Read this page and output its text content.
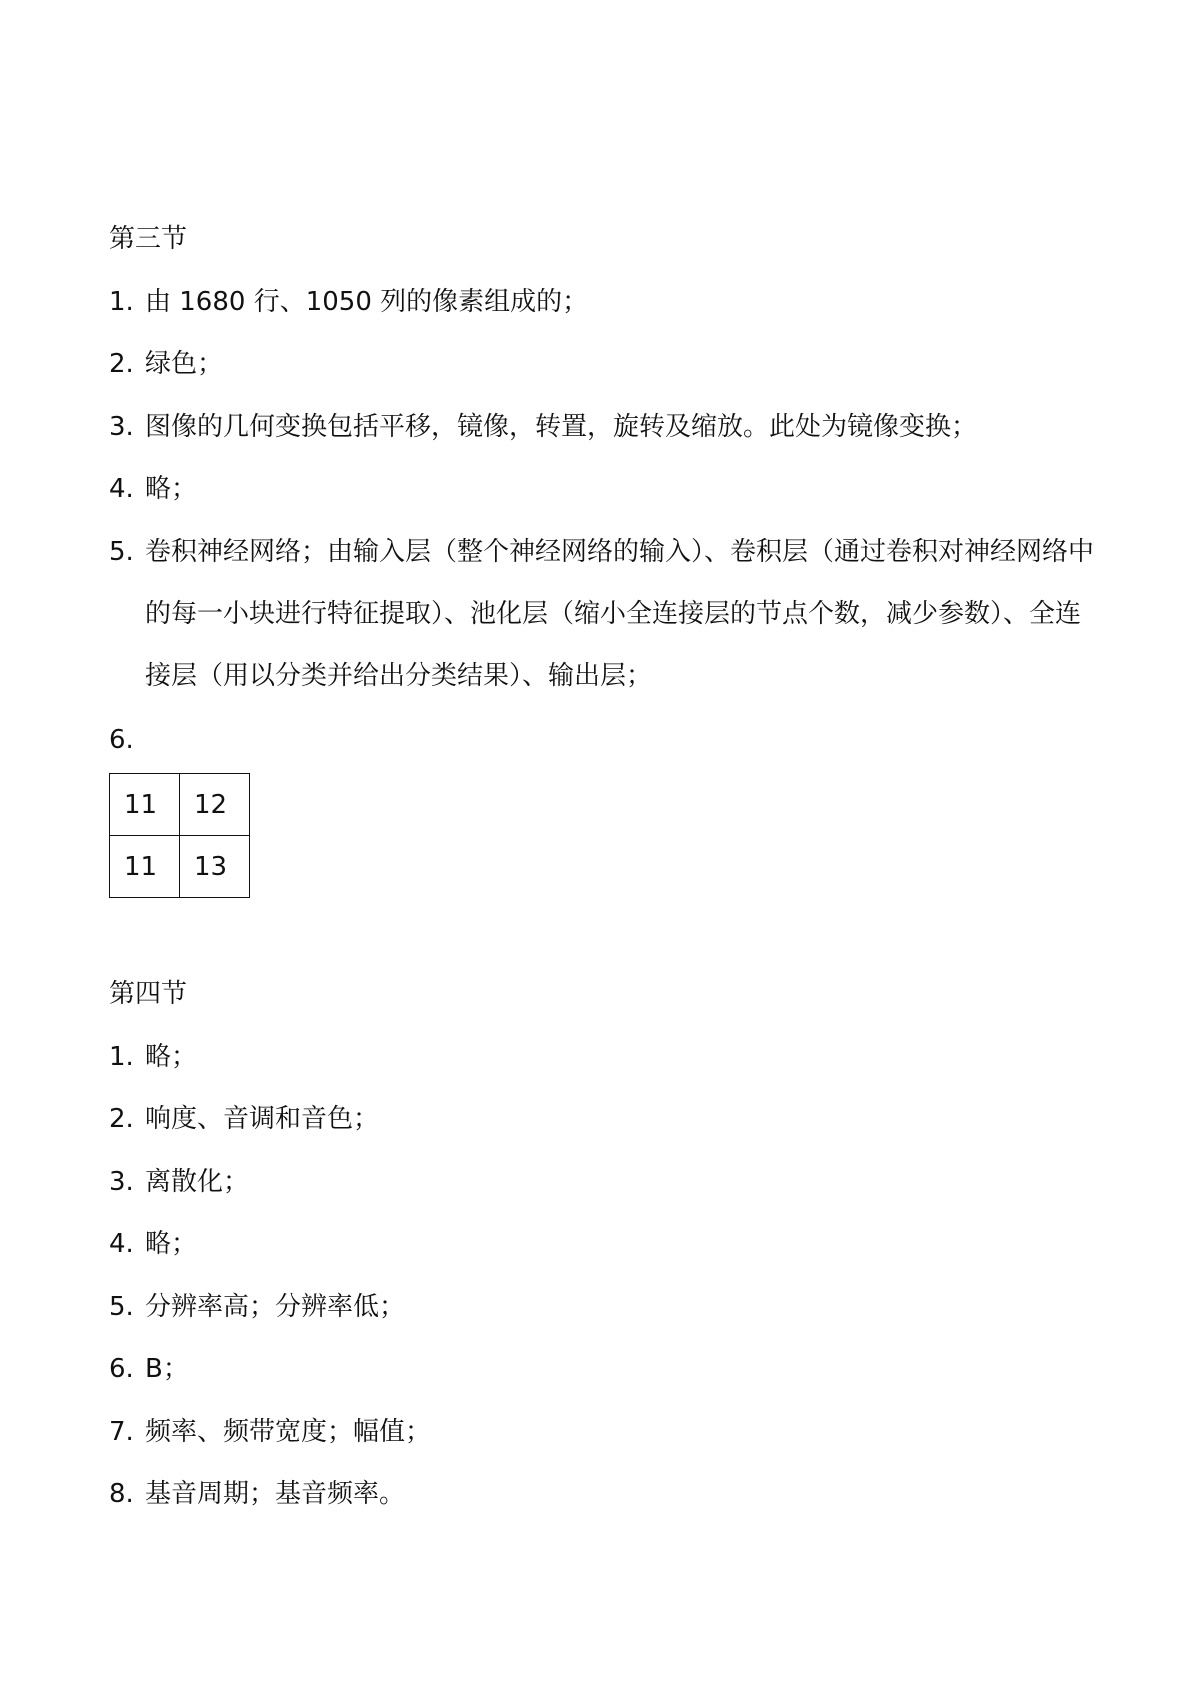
第三节
1. 由 1680 行、1050 列的像素组成的；
2. 绿色；
3. 图像的几何变换包括平移，镜像，转置，旋转及缩放。此处为镜像变换；
4. 略；
5. 卷积神经网络；由输入层（整个神经网络的输入）、卷积层（通过卷积对神经网络中的每一小块进行特征提取）、池化层（缩小全连接层的节点个数，减少参数）、全连接层（用以分类并给出分类结果）、输出层；
6.
11	12
11	13
第四节
1. 略；
2. 响度、音调和音色；
3. 离散化；
4. 略；
5. 分辨率高；分辨率低；
6. B；
7. 频率、频带宽度；幅值；
8. 基音周期；基音频率。
